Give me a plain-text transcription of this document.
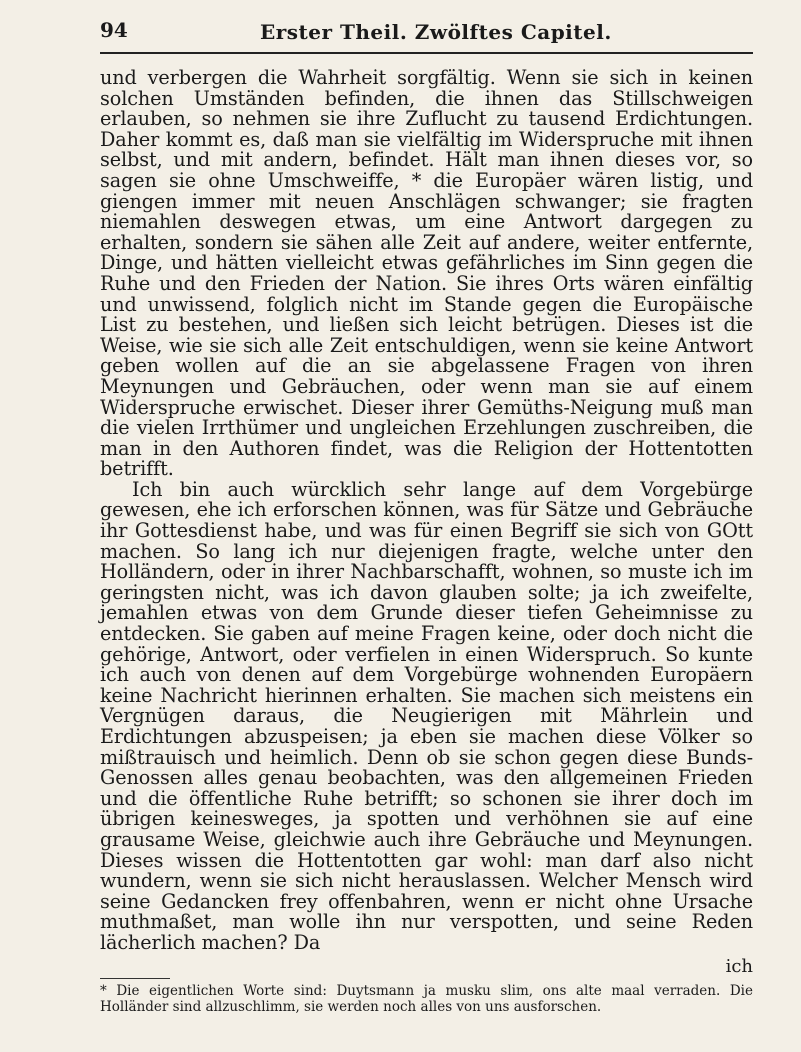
94	Erster Theil. Zwölftes Capitel.

und verbergen die Wahrheit sorgfältig. Wenn sie sich in keinen solchen Umständen befinden, die ihnen das Stillschweigen erlauben, so nehmen sie ihre Zuflucht zu tausend Erdichtungen. Daher kommt es, daß man sie vielfältig im Widerspruche mit ihnen selbst, und mit andern, befindet. Hält man ihnen dieses vor, so sagen sie ohne Umschweiffe, * die Europäer wären listig, und giengen immer mit neuen Anschlägen schwanger; sie fragten niemahlen deswegen etwas, um eine Antwort dargegen zu erhalten, sondern sie sähen alle Zeit auf andere, weiter entfernte, Dinge, und hätten vielleicht etwas gefährliches im Sinn gegen die Ruhe und den Frieden der Nation. Sie ihres Orts wären einfältig und unwissend, folglich nicht im Stande gegen die Europäische List zu bestehen, und ließen sich leicht betrügen. Dieses ist die Weise, wie sie sich alle Zeit entschuldigen, wenn sie keine Antwort geben wollen auf die an sie abgelassene Fragen von ihren Meynungen und Gebräuchen, oder wenn man sie auf einem Widerspruche erwischet. Dieser ihrer Gemüths-Neigung muß man die vielen Irrthümer und ungleichen Erzehlungen zuschreiben, die man in den Authoren findet, was die Religion der Hottentotten betrifft.

Ich bin auch würcklich sehr lange auf dem Vorgebürge gewesen, ehe ich erforschen können, was für Sätze und Gebräuche ihr Gottesdienst habe, und was für einen Begriff sie sich von GOtt machen. So lang ich nur diejenigen fragte, welche unter den Holländern, oder in ihrer Nachbarschafft, wohnen, so muste ich im geringsten nicht, was ich davon glauben solte; ja ich zweifelte, jemahlen etwas von dem Grunde dieser tiefen Geheimnisse zu entdecken. Sie gaben auf meine Fragen keine, oder doch nicht die gehörige, Antwort, oder verfielen in einen Widerspruch. So kunte ich auch von denen auf dem Vorgebürge wohnenden Europäern keine Nachricht hierinnen erhalten. Sie machen sich meistens ein Vergnügen daraus, die Neugierigen mit Mährlein und Erdichtungen abzuspeisen; ja eben sie machen diese Völker so mißtrauisch und heimlich. Denn ob sie schon gegen diese Bunds-Genossen alles genau beobachten, was den allgemeinen Frieden und die öffentliche Ruhe betrifft; so schonen sie ihrer doch im übrigen keinesweges, ja spotten und verhöhnen sie auf eine grausame Weise, gleichwie auch ihre Gebräuche und Meynungen. Dieses wissen die Hottentotten gar wohl: man darf also nicht wundern, wenn sie sich nicht herauslassen. Welcher Mensch wird seine Gedancken frey offenbahren, wenn er nicht ohne Ursache muthmaßet, man wolle ihn nur verspotten, und seine Reden lächerlich machen? Da

ich
* Die eigentlichen Worte sind: Duytsmann ja musku slim, ons alte maal verraden. Die Holländer sind allzuschlimm, sie werden noch alles von uns ausforschen.
